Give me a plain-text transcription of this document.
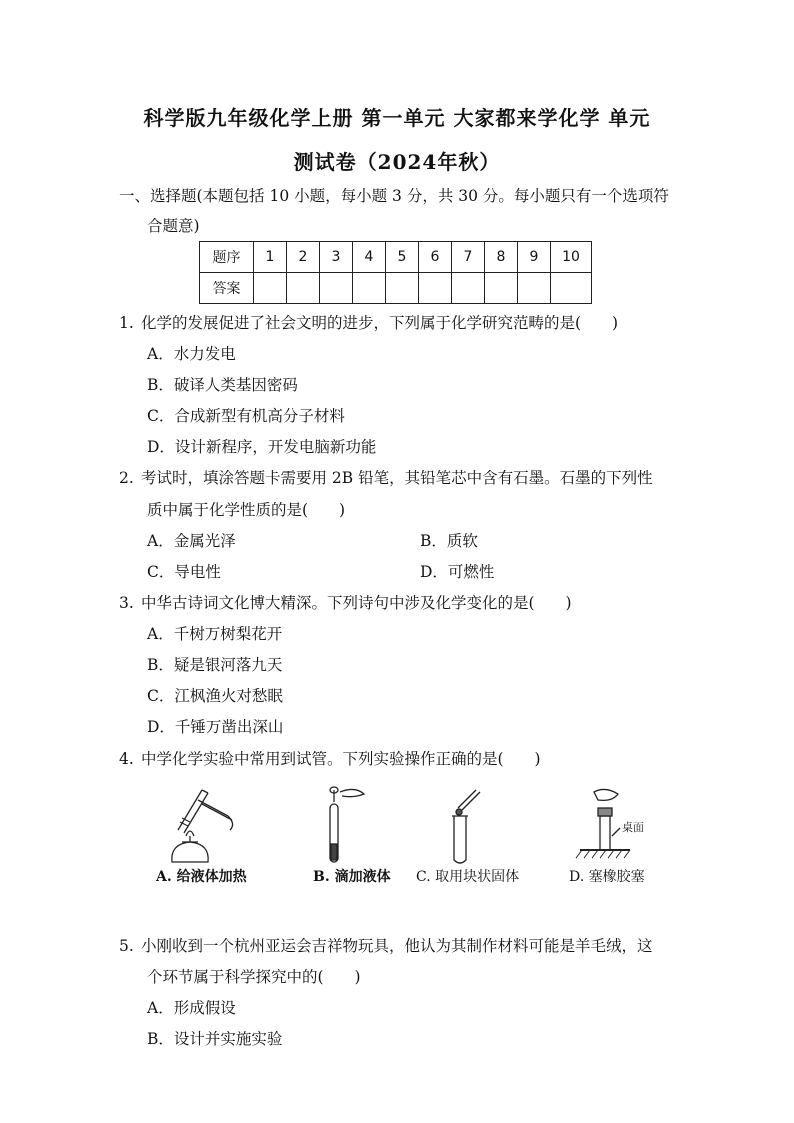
科学版九年级化学上册 第一单元 大家都来学化学 单元
测试卷（2024年秋）
一、选择题(本题包括 10 小题，每小题 3 分，共 30 分。每小题只有一个选项符
合题意)
题序	1	2	3	4	5	6	7	8	9	10
答案										
1. 化学的发展促进了社会文明的进步，下列属于化学研究范畴的是(　　)
A．水力发电
B．破译人类基因密码
C．合成新型有机高分子材料
D．设计新程序，开发电脑新功能
2. 考试时，填涂答题卡需要用 2B 铅笔，其铅笔芯中含有石墨。石墨的下列性
质中属于化学性质的是(　　)
A．金属光泽	B．质软
C．导电性	D．可燃性
3. 中华古诗词文化博大精深。下列诗句中涉及化学变化的是(　　)
A．千树万树梨花开
B．疑是银河落九天
C．江枫渔火对愁眠
D．千锤万凿出深山
4. 中学化学实验中常用到试管。下列实验操作正确的是(　　)
桌面
A. 给液体加热	B. 滴加液体 C. 取用块状固体	D. 塞橡胶塞
5. 小刚收到一个杭州亚运会吉祥物玩具，他认为其制作材料可能是羊毛绒，这
个环节属于科学探究中的(　　)
A．形成假设
B．设计并实施实验
